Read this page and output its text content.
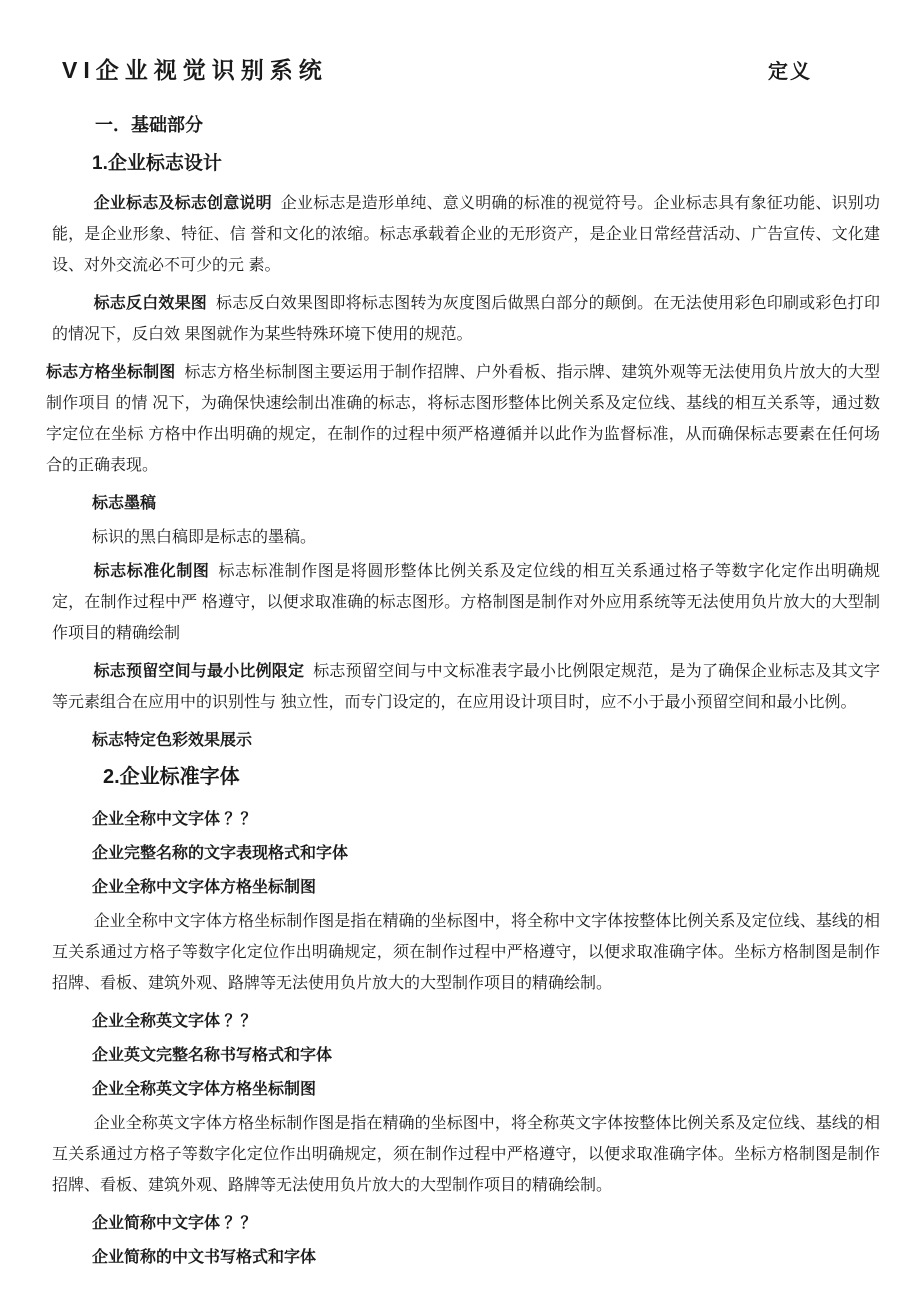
VI企业视觉识别系统	定义
一．基础部分
1.企业标志设计

企业标志及标志创意说明 企业标志是造形单纯、意义明确的标准的视觉符号。企业标志具有象征功能、识别功能，是企业形象、特征、信 誉和文化的浓缩。标志承载着企业的无形资产，是企业日常经营活动、广告宣传、文化建设、对外交流必不可少的元 素。

标志反白效果图 标志反白效果图即将标志图转为灰度图后做黑白部分的颠倒。在无法使用彩色印刷或彩色打印的情况下，反白效 果图就作为某些特殊环境下使用的规范。

标志方格坐标制图 标志方格坐标制图主要运用于制作招牌、户外看板、指示牌、建筑外观等无法使用负片放大的大型制作项目 的情 况下，为确保快速绘制出准确的标志，将标志图形整体比例关系及定位线、基线的相互关系等，通过数字定位在坐标 方格中作出明确的规定，在制作的过程中须严格遵循并以此作为监督标准，从而确保标志要素在任何场合的正确表现。

标志墨稿

标识的黑白稿即是标志的墨稿。

标志标准化制图 标志标准制作图是将圆形整体比例关系及定位线的相互关系通过格子等数字化定作出明确规定，在制作过程中严 格遵守，以便求取准确的标志图形。方格制图是制作对外应用系统等无法使用负片放大的大型制作项目的精确绘制

标志预留空间与最小比例限定 标志预留空间与中文标准表字最小比例限定规范，是为了确保企业标志及其文字等元素组合在应用中的识别性与 独立性，而专门设定的，在应用设计项目时，应不小于最小预留空间和最小比例。

标志特定色彩效果展示

2.企业标准字体

企业全称中文字体 ？？

企业完整名称的文字表现格式和字体

企业全称中文字体方格坐标制图

企业全称中文字体方格坐标制作图是指在精确的坐标图中，将全称中文字体按整体比例关系及定位线、基线的相 互关系通过方格子等数字化定位作出明确规定，须在制作过程中严格遵守，以便求取准确字体。坐标方格制图是制作 招牌、看板、建筑外观、路牌等无法使用负片放大的大型制作项目的精确绘制。

企业全称英文字体 ？？

企业英文完整名称书写格式和字体

企业全称英文字体方格坐标制图

企业全称英文字体方格坐标制作图是指在精确的坐标图中，将全称英文字体按整体比例关系及定位线、基线的相互关系通过方格子等数字化定位作出明确规定，须在制作过程中严格遵守，以便求取准确字体。坐标方格制图是制作 招牌、看板、建筑外观、路牌等无法使用负片放大的大型制作项目的精确绘制。

企业简称中文字体 ？？

企业简称的中文书写格式和字体
